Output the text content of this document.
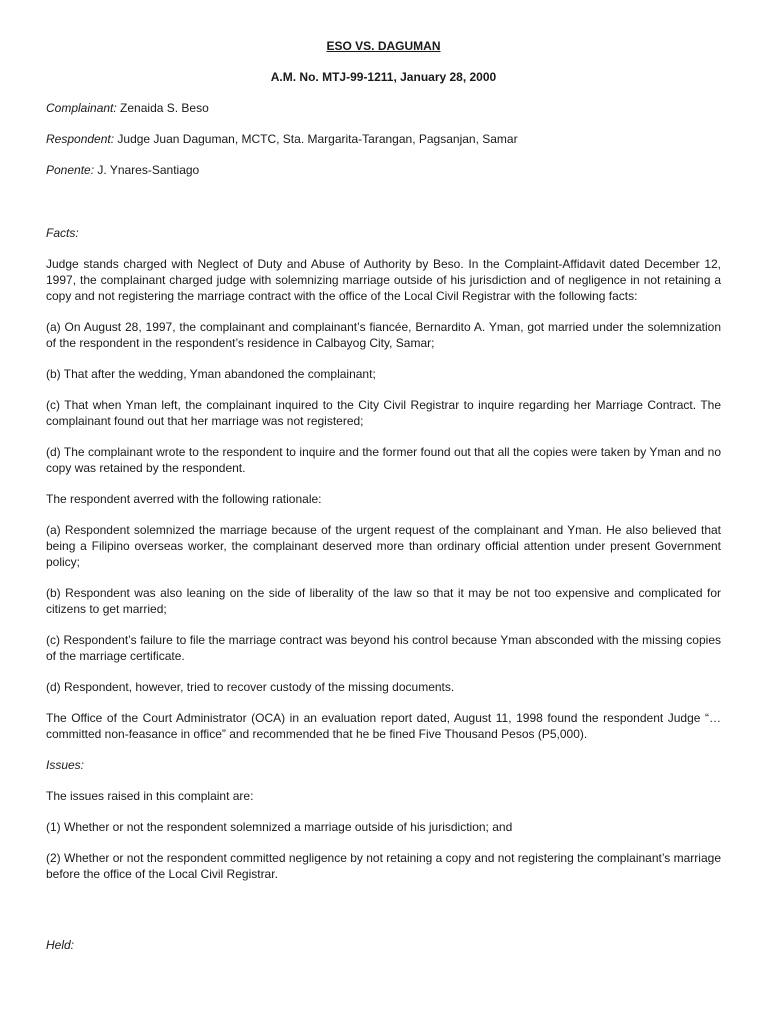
ESO VS. DAGUMAN
A.M. No. MTJ-99-1211, January 28, 2000
Complainant: Zenaida S. Beso
Respondent: Judge Juan Daguman, MCTC, Sta. Margarita-Tarangan, Pagsanjan, Samar
Ponente: J. Ynares-Santiago
Facts:
Judge stands charged with Neglect of Duty and Abuse of Authority by Beso. In the Complaint-Affidavit dated December 12, 1997, the complainant charged judge with solemnizing marriage outside of his jurisdiction and of negligence in not retaining a copy and not registering the marriage contract with the office of the Local Civil Registrar with the following facts:
(a) On August 28, 1997, the complainant and complainant’s fiancée, Bernardito A. Yman, got married under the solemnization of the respondent in the respondent’s residence in Calbayog City, Samar;
(b) That after the wedding, Yman abandoned the complainant;
(c) That when Yman left, the complainant inquired to the City Civil Registrar to inquire regarding her Marriage Contract. The complainant found out that her marriage was not registered;
(d) The complainant wrote to the respondent to inquire and the former found out that all the copies were taken by Yman and no copy was retained by the respondent.
The respondent averred with the following rationale:
(a) Respondent solemnized the marriage because of the urgent request of the complainant and Yman. He also believed that being a Filipino overseas worker, the complainant deserved more than ordinary official attention under present Government policy;
(b) Respondent was also leaning on the side of liberality of the law so that it may be not too expensive and complicated for citizens to get married;
(c) Respondent’s failure to file the marriage contract was beyond his control because Yman absconded with the missing copies of the marriage certificate.
(d) Respondent, however, tried to recover custody of the missing documents.
The Office of the Court Administrator (OCA) in an evaluation report dated, August 11, 1998 found the respondent Judge “…committed non-feasance in office” and recommended that he be fined Five Thousand Pesos (P5,000).
Issues:
The issues raised in this complaint are:
(1) Whether or not the respondent solemnized a marriage outside of his jurisdiction; and
(2) Whether or not the respondent committed negligence by not retaining a copy and not registering the complainant’s marriage before the office of the Local Civil Registrar.
Held:
